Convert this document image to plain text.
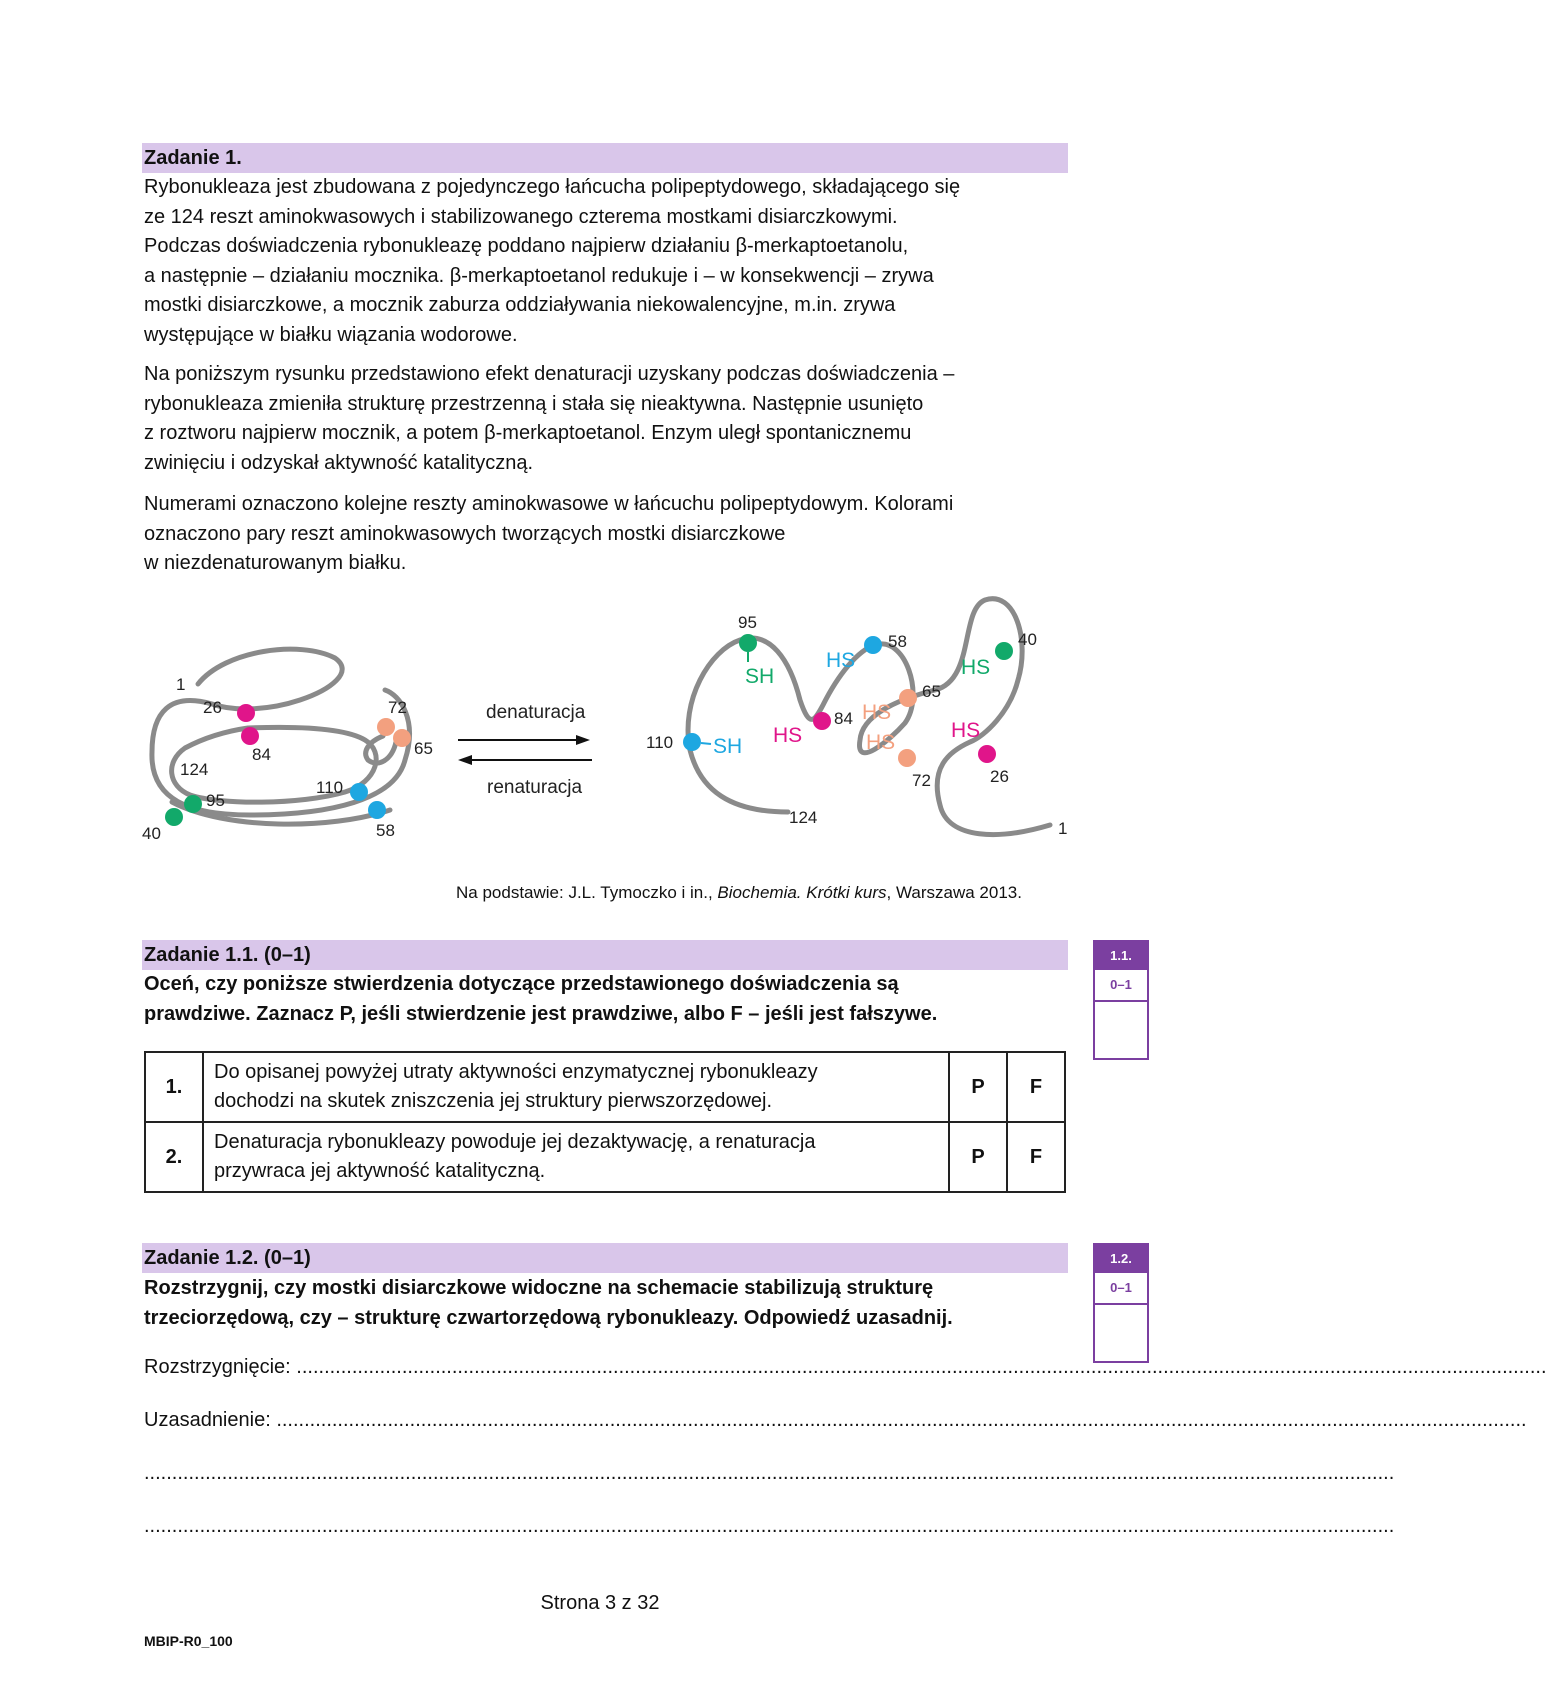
Zadanie 1.
Rybonukleaza jest zbudowana z pojedynczego łańcucha polipeptydowego, składającego się
ze 124 reszt aminokwasowych i stabilizowanego czterema mostkami disiarczkowymi.
Podczas doświadczenia rybonukleazę poddano najpierw działaniu β-merkaptoetanolu,
a następnie – działaniu mocznika. β-merkaptoetanol redukuje i – w konsekwencji – zrywa
mostki disiarczkowe, a mocznik zaburza oddziaływania niekowalencyjne, m.in. zrywa
występujące w białku wiązania wodorowe.
Na poniższym rysunku przedstawiono efekt denaturacji uzyskany podczas doświadczenia –
rybonukleaza zmieniła strukturę przestrzenną i stała się nieaktywna. Następnie usunięto
z roztworu najpierw mocznik, a potem β-merkaptoetanol. Enzym uległ spontanicznemu
zwinięciu i odzyskał aktywność katalityczną.
Numerami oznaczono kolejne reszty aminokwasowe w łańcuchu polipeptydowym. Kolorami
oznaczono pary reszt aminokwasowych tworzących mostki disiarczkowe
w niezdenaturowanym białku.
1
26
84
72
65
124
95
110
40	58
denaturacja
renaturacja
95
58	40
65
84
110
72	26
124
1
SH
SH
HS	HS
HS
HS
HS	HS
Na podstawie: J.L. Tymoczko i in., Biochemia. Krótki kurs, Warszawa 2013.
Zadanie 1.1. (0–1)	1.1.
0–1
Oceń, czy poniższe stwierdzenia dotyczące przedstawionego doświadczenia są
prawdziwe. Zaznacz P, jeśli stwierdzenie jest prawdziwe, albo F – jeśli jest fałszywe.
1.	Do opisanej powyżej utraty aktywności enzymatycznej rybonukleazy
dochodzi na skutek zniszczenia jej struktury pierwszorzędowej.	P	F
2.	Denaturacja rybonukleazy powoduje jej dezaktywację, a renaturacja
przywraca jej aktywność katalityczną.	P	F
Zadanie 1.2. (0–1)	1.2.
0–1
Rozstrzygnij, czy mostki disiarczkowe widoczne na schemacie stabilizują strukturę
trzeciorzędową, czy – strukturę czwartorzędową rybonukleazy. Odpowiedź uzasadnij.
Rozstrzygnięcie: .................................................................................................................................................................................................................................
Uzasadnienie: .................................................................................................................................................................................................................................
.................................................................................................................................................................................................................................
.................................................................................................................................................................................................................................
Strona 3 z 32
MBIP-R0_100
